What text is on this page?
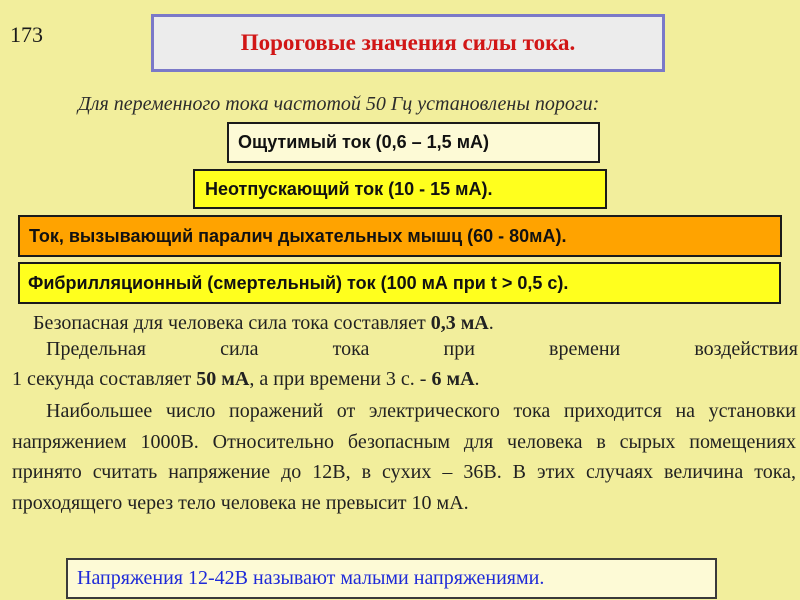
173	Пороговые значения силы тока.
Для переменного тока частотой 50 Гц установлены пороги:
Ощутимый ток (0,6 – 1,5 мА)
Неотпускающий ток (10 - 15 мА).
Ток, вызывающий паралич дыхательных мышц (60 - 80мА).
Фибрилляционный (смертельный) ток (100 мА при t > 0,5 с).
Безопасная для человека сила тока составляет 0,3 мА.
Предельная	сила	тока	при	времени	воздействия
1 секунда составляет 50 мА, а при времени 3 с. - 6 мА.
Наибольшее число поражений от электрического тока приходится на установки напряжением 1000В. Относительно безопасным для человека в сырых помещениях принято считать напряжение до 12В, в сухих – 36В. В этих случаях величина тока, проходящего через тело человека не превысит 10 мА.
Напряжения 12-42В называют малыми напряжениями.
